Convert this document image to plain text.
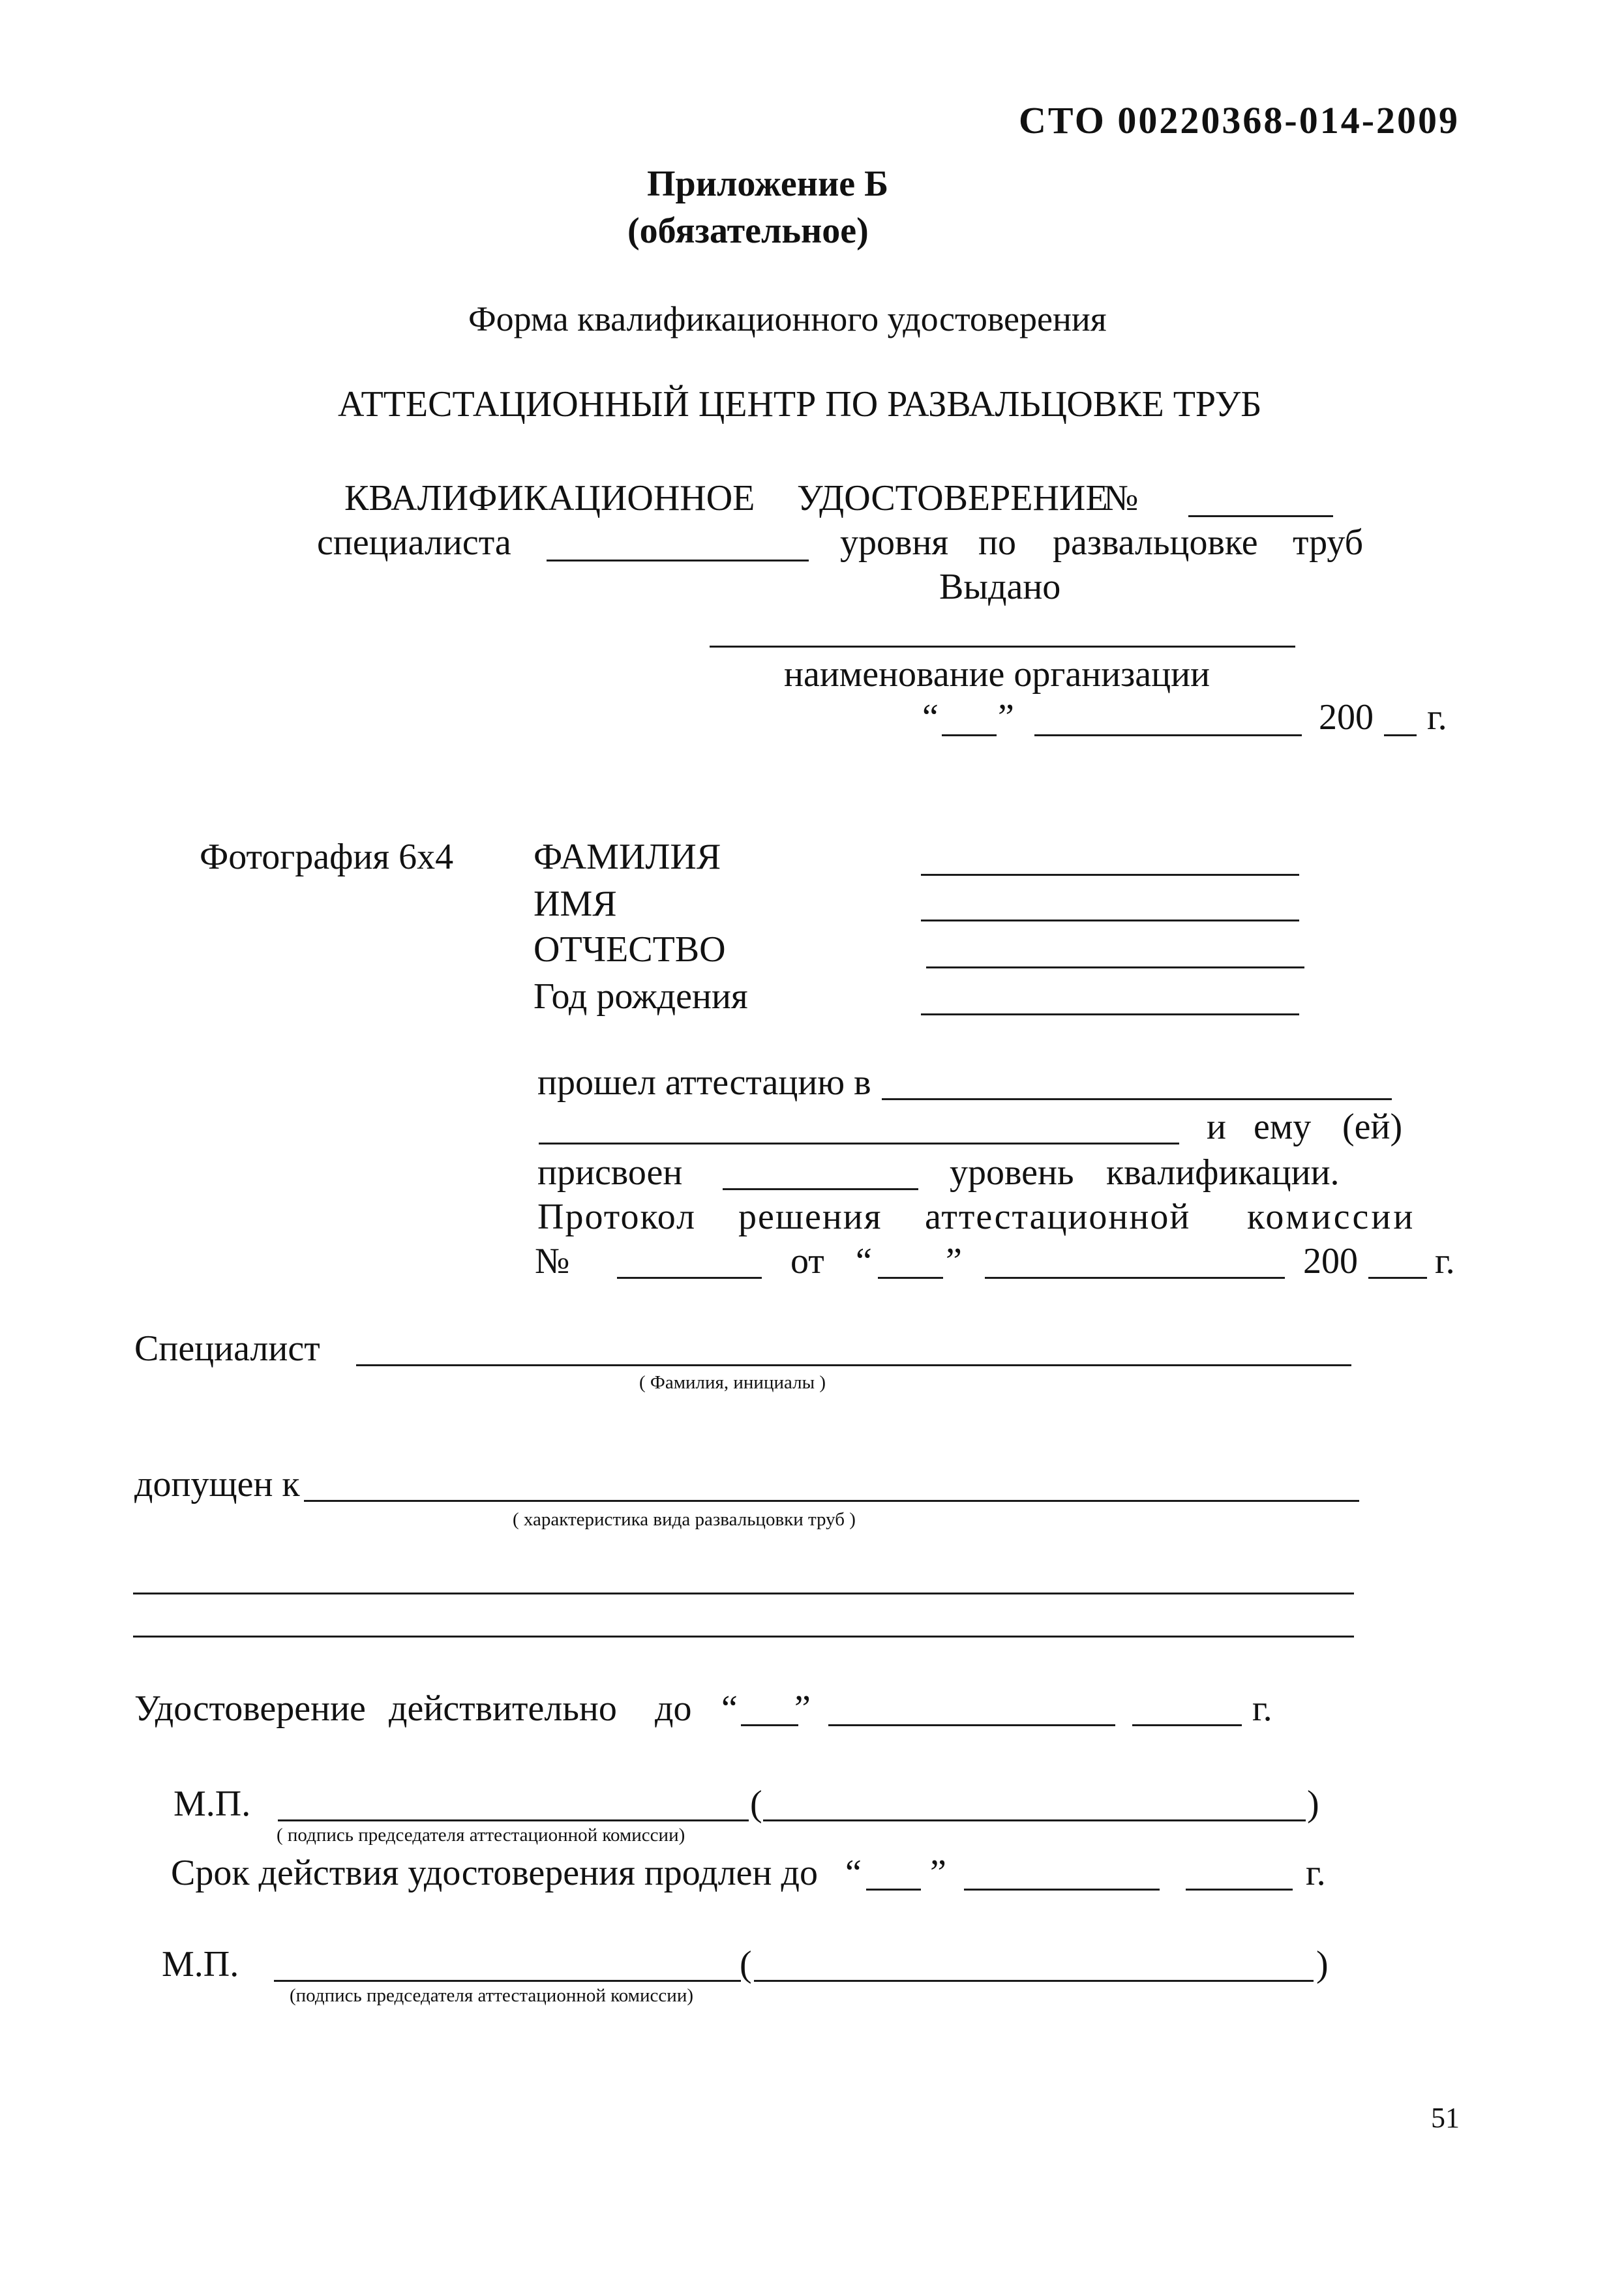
СТО 00220368-014-2009
Приложение Б
(обязательное)
Форма квалификационного удостоверения
АТТЕСТАЦИОННЫЙ ЦЕНТР ПО РАЗВАЛЬЦОВКЕ ТРУБ
КВАЛИФИКАЦИОННОЕ УДОСТОВЕРЕНИЕ
№
специалиста	уровня по развальцовке труб
Выдано
наименование организации
“ ”	200 г.
Фотография 6х4 ФАМИЛИЯ
ИМЯ
ОТЧЕСТВО
Год рождения
прошел аттестацию в
и ему (ей)
присвоен	уровень квалификации.
Протокол решения аттестационной комиссии
№	от “ ”	200 г.
Специалист
( Фамилия, инициалы )
допущен к
( характеристика вида развальцовки труб )
Удостоверение действительно до “ ”	г.
М.П.	(	)
( подпись председателя аттестационной комиссии)
Срок действия удостоверения продлен до “ ”	г.
М.П.	(	)
(подпись председателя аттестационной комиссии)
51
